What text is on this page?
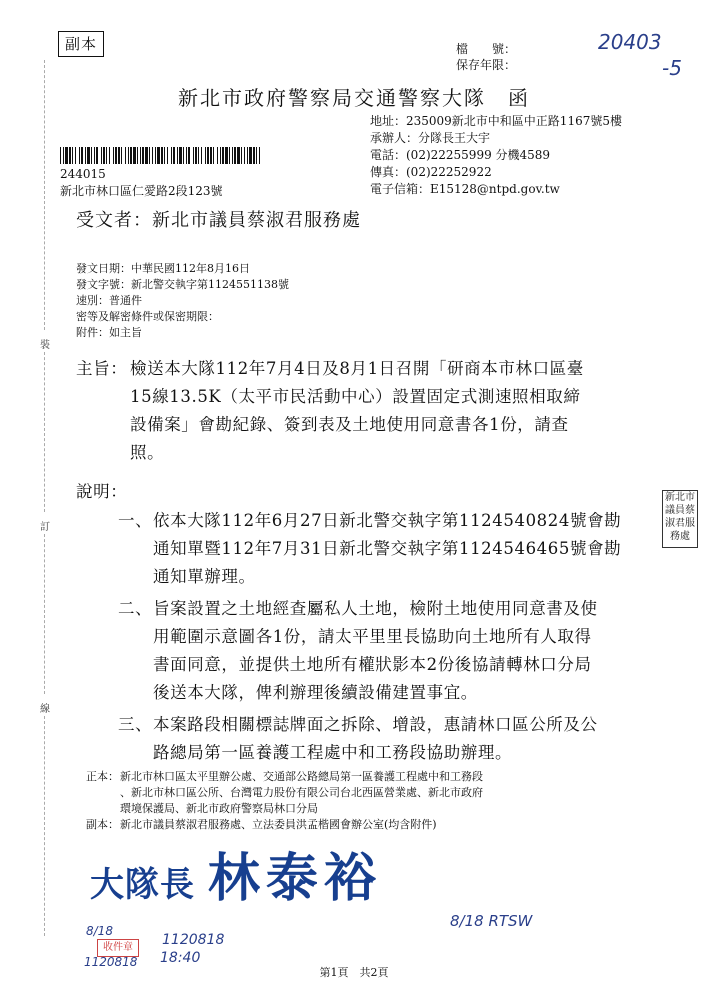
副本	檔　　號：
保存年限：
20403
-5
新北市政府警察局交通警察大隊　函
地址：235009新北市中和區中正路1167號5樓
承辦人：分隊長王大宇
電話：(02)22255999 分機4589
傳真：(02)22252922
電子信箱：E15128@ntpd.gov.tw
244015
新北市林口區仁愛路2段123號
受文者：新北市議員蔡淑君服務處
發文日期：中華民國112年8月16日
發文字號：新北警交執字第1124551138號
速別：普通件
密等及解密條件或保密期限：
附件：如主旨
裝
訂
線
主旨： 檢送本大隊112年7月4日及8月1日召開「研商本市林口區臺
15線13.5K（太平市民活動中心）設置固定式測速照相取締
設備案」會勘紀錄、簽到表及土地使用同意書各1份，請查
照。
說明：
一、 依本大隊112年6月27日新北警交執字第1124540824號會勘
通知單暨112年7月31日新北警交執字第1124546465號會勘
通知單辦理。
二、 旨案設置之土地經查屬私人土地，檢附土地使用同意書及使
用範圍示意圖各1份，請太平里里長協助向土地所有人取得
書面同意，並提供土地所有權狀影本2份後協請轉林口分局
後送本大隊，俾利辦理後續設備建置事宜。
三、 本案路段相關標誌牌面之拆除、增設，惠請林口區公所及公
路總局第一區養護工程處中和工務段協助辦理。
正本： 新北市林口區太平里辦公處、交通部公路總局第一區養護工程處中和工務段
、新北市林口區公所、台灣電力股份有限公司台北西區營業處、新北市政府
環境保護局、新北市政府警察局林口分局
副本： 新北市議員蔡淑君服務處、立法委員洪孟楷國會辦公室(均含附件)
新北市議員蔡淑君服務處
大隊長 林泰裕
8/18
收件章
1120818
1120818
18:40
8/18 RTSW
第1頁　共2頁
